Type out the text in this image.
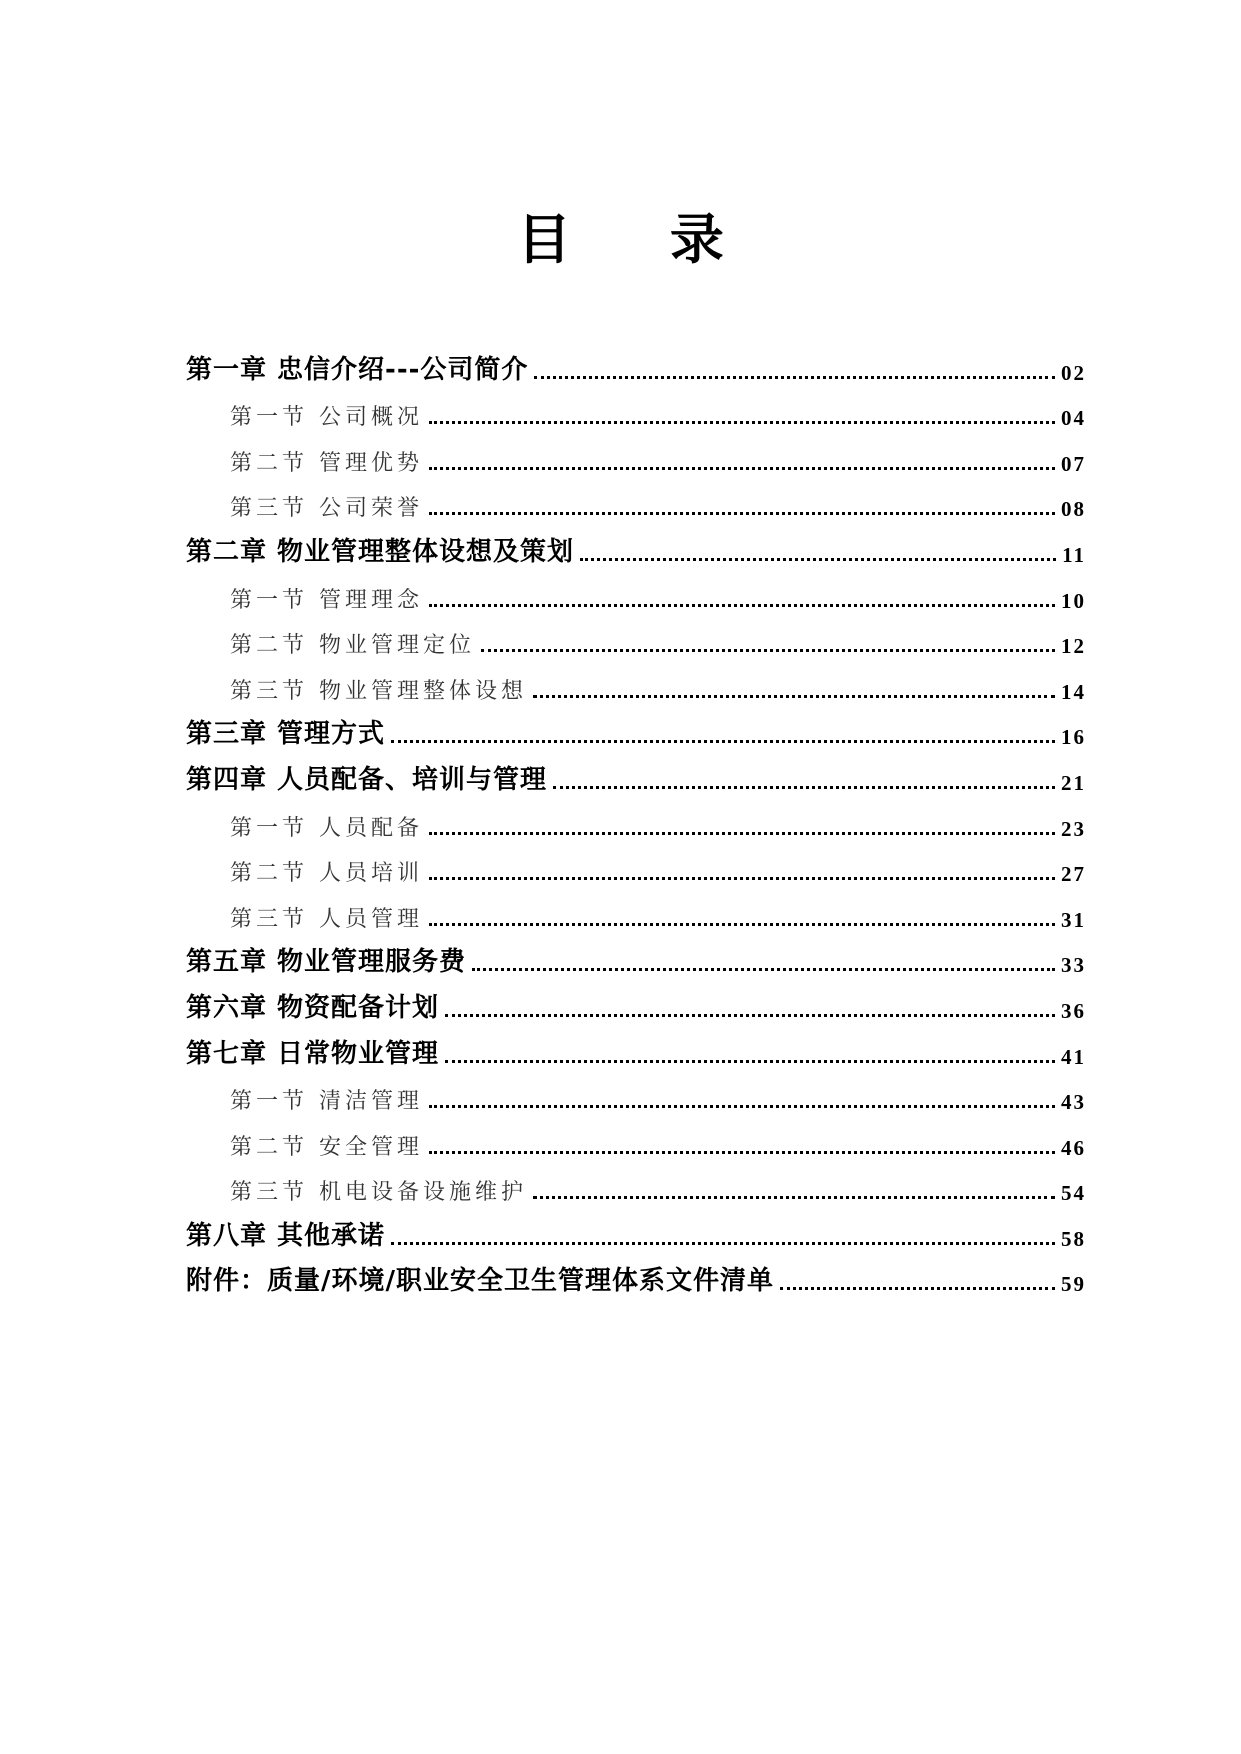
目 录
第一章 忠信介绍---公司简介	02
第一节 公司概况	04
第二节 管理优势	07
第三节 公司荣誉	08
第二章 物业管理整体设想及策划	11
第一节 管理理念	10
第二节 物业管理定位	12
第三节 物业管理整体设想	14
第三章 管理方式	16
第四章 人员配备、培训与管理	21
第一节 人员配备	23
第二节 人员培训	27
第三节 人员管理	31
第五章 物业管理服务费	33
第六章 物资配备计划	36
第七章 日常物业管理	41
第一节 清洁管理	43
第二节 安全管理	46
第三节 机电设备设施维护	54
第八章 其他承诺	58
附件：质量/环境/职业安全卫生管理体系文件清单	59
